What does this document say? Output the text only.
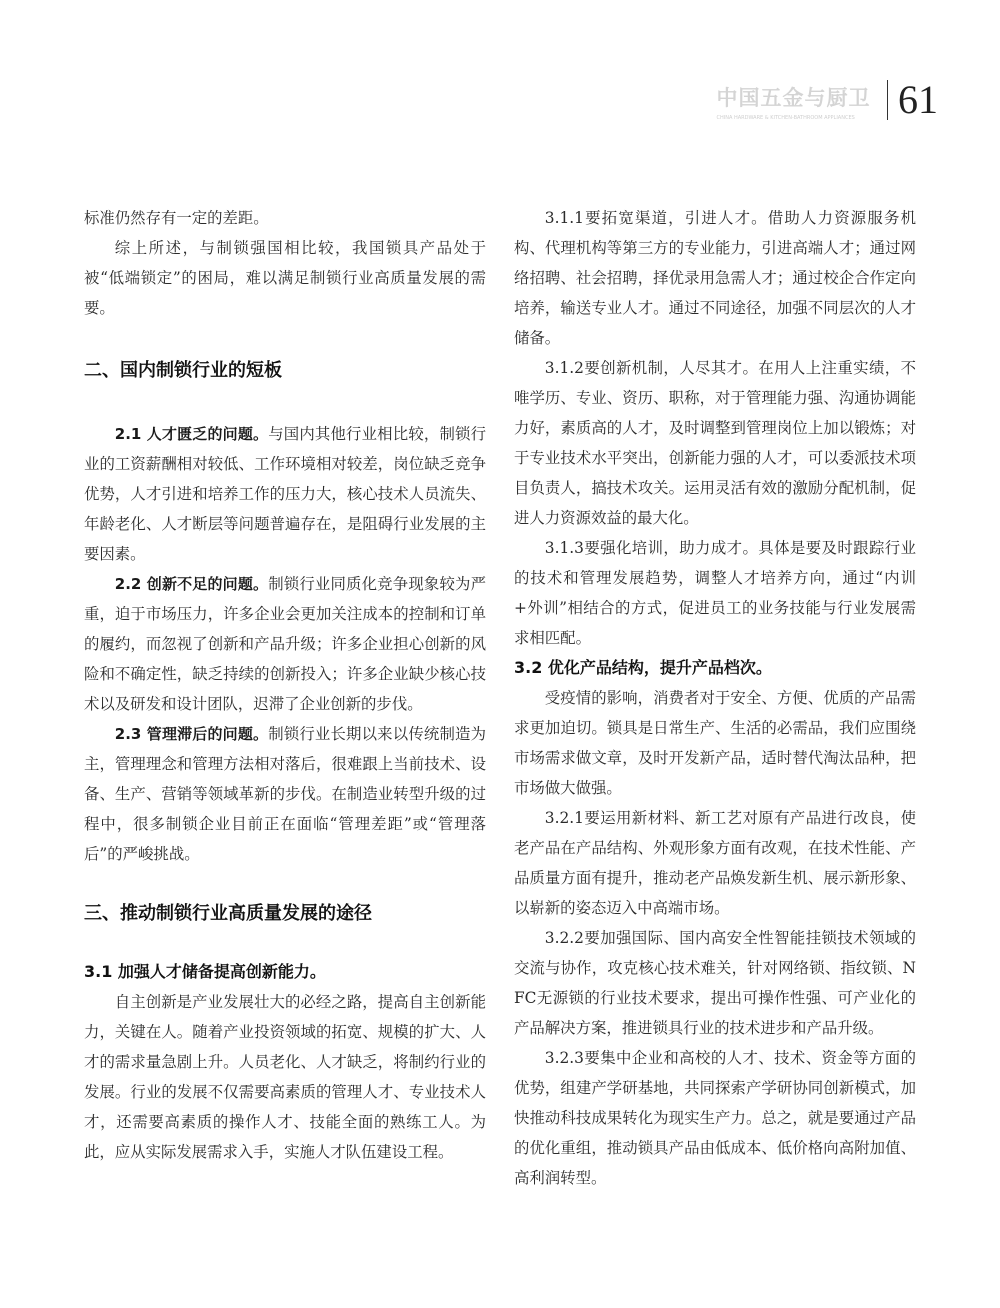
中国五金与厨卫
CHINA HARDWARE & KITCHEN-BATHROOM APPLIANCES 61

标准仍然存有一定的差距。

综上所述，与制锁强国相比较，我国锁具产品处于被“低端锁定”的困局，难以满足制锁行业高质量发展的需要。

二、国内制锁行业的短板

2.1 人才匮乏的问题。与国内其他行业相比较，制锁行业的工资薪酬相对较低、工作环境相对较差，岗位缺乏竞争优势，人才引进和培养工作的压力大，核心技术人员流失、年龄老化、人才断层等问题普遍存在，是阻碍行业发展的主要因素。

2.2 创新不足的问题。制锁行业同质化竞争现象较为严重，迫于市场压力，许多企业会更加关注成本的控制和订单的履约，而忽视了创新和产品升级；许多企业担心创新的风险和不确定性，缺乏持续的创新投入；许多企业缺少核心技术以及研发和设计团队，迟滞了企业创新的步伐。

2.3 管理滞后的问题。制锁行业长期以来以传统制造为主，管理理念和管理方法相对落后，很难跟上当前技术、设备、生产、营销等领域革新的步伐。在制造业转型升级的过程中，很多制锁企业目前正在面临“管理差距”或“管理落后”的严峻挑战。

三、推动制锁行业高质量发展的途径
3.1 加强人才储备提高创新能力。

自主创新是产业发展壮大的必经之路，提高自主创新能力，关键在人。随着产业投资领域的拓宽、规模的扩大、人才的需求量急剧上升。人员老化、人才缺乏，将制约行业的发展。行业的发展不仅需要高素质的管理人才、专业技术人才，还需要高素质的操作人才、技能全面的熟练工人。为此，应从实际发展需求入手，实施人才队伍建设工程。

3.1.1要拓宽渠道，引进人才。借助人力资源服务机构、代理机构等第三方的专业能力，引进高端人才；通过网络招聘、社会招聘，择优录用急需人才；通过校企合作定向培养，输送专业人才。通过不同途径，加强不同层次的人才储备。

3.1.2要创新机制，人尽其才。在用人上注重实绩，不唯学历、专业、资历、职称，对于管理能力强、沟通协调能力好，素质高的人才，及时调整到管理岗位上加以锻炼；对于专业技术水平突出，创新能力强的人才，可以委派技术项目负责人，搞技术攻关。运用灵活有效的激励分配机制，促进人力资源效益的最大化。

3.1.3要强化培训，助力成才。具体是要及时跟踪行业的技术和管理发展趋势，调整人才培养方向，通过“内训+外训”相结合的方式，促进员工的业务技能与行业发展需求相匹配。

3.2 优化产品结构，提升产品档次。

受疫情的影响，消费者对于安全、方便、优质的产品需求更加迫切。锁具是日常生产、生活的必需品，我们应围绕市场需求做文章，及时开发新产品，适时替代淘汰品种，把市场做大做强。

3.2.1要运用新材料、新工艺对原有产品进行改良，使老产品在产品结构、外观形象方面有改观，在技术性能、产品质量方面有提升，推动老产品焕发新生机、展示新形象、以崭新的姿态迈入中高端市场。

3.2.2要加强国际、国内高安全性智能挂锁技术领域的交流与协作，攻克核心技术难关，针对网络锁、指纹锁、NFC无源锁的行业技术要求，提出可操作性强、可产业化的产品解决方案，推进锁具行业的技术进步和产品升级。

3.2.3要集中企业和高校的人才、技术、资金等方面的优势，组建产学研基地，共同探索产学研协同创新模式，加快推动科技成果转化为现实生产力。总之，就是要通过产品的优化重组，推动锁具产品由低成本、低价格向高附加值、高利润转型。
